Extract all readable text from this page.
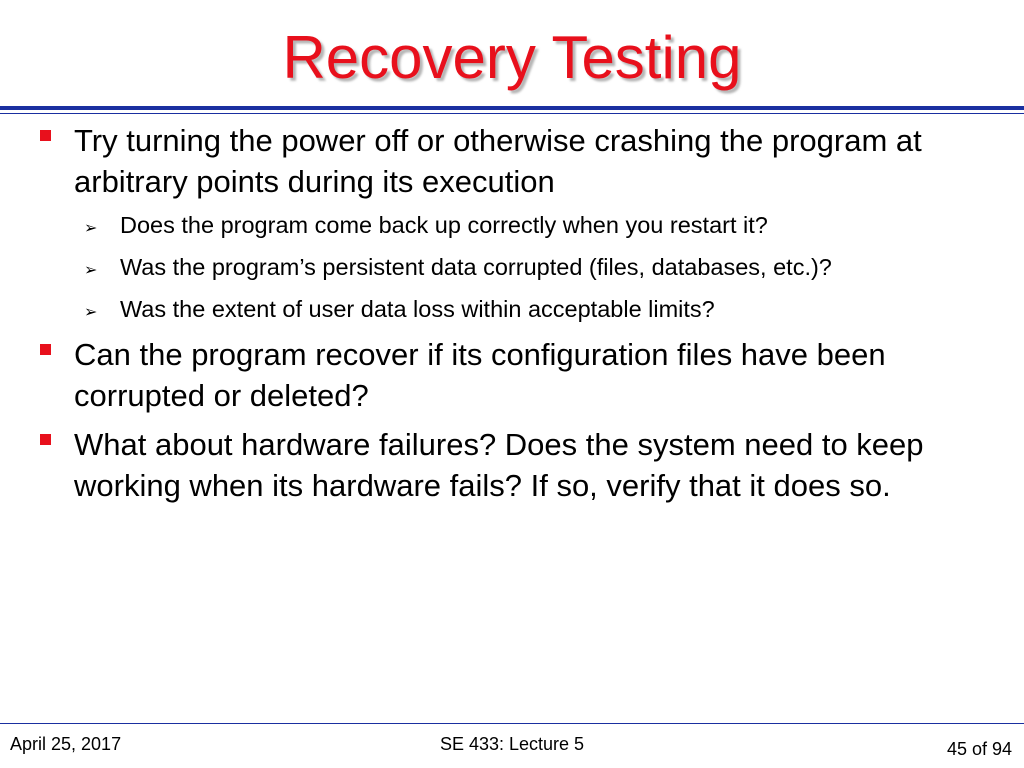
Recovery Testing
Try turning the power off or otherwise crashing the program at arbitrary points during its execution
➢ Does the program come back up correctly when you restart it?
➢ Was the program’s persistent data corrupted (files, databases, etc.)?
➢ Was the extent of user data loss within acceptable limits?
Can the program recover if its configuration files have been corrupted or deleted?
What about hardware failures? Does the system need to keep working when its hardware fails? If so, verify that it does so.
April 25, 2017	SE 433: Lecture 5	45 of 94
